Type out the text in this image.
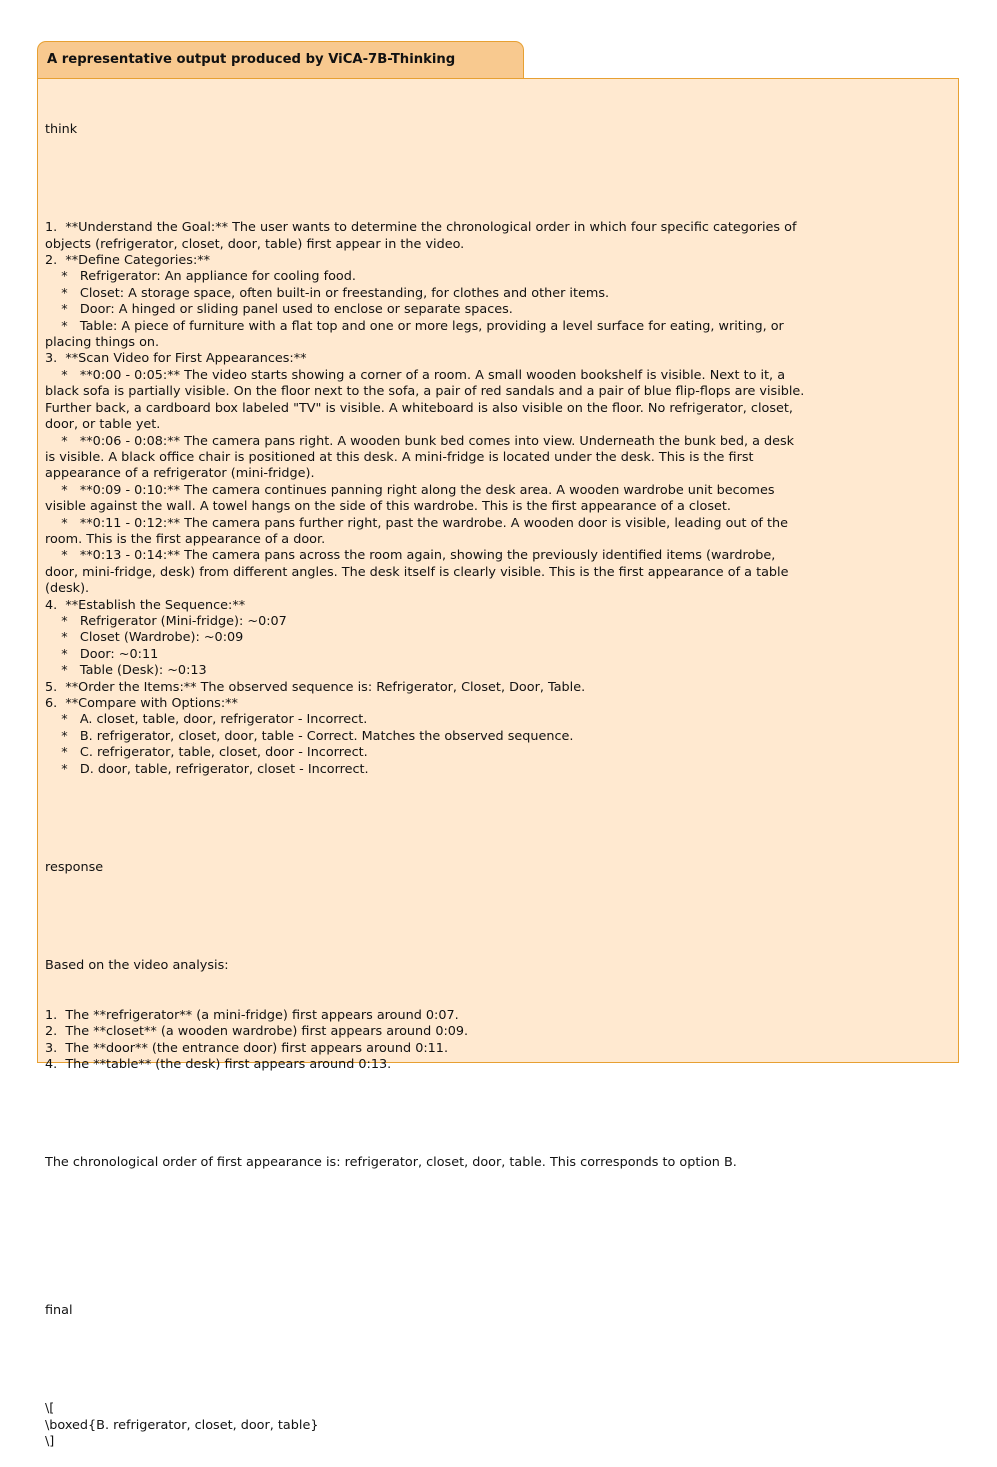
A representative output produced by ViCA-7B-Thinking

think

1.  **Understand the Goal:** The user wants to determine the chronological order in which four specific categories of
objects (refrigerator, closet, door, table) first appear in the video.
2.  **Define Categories:**
*   Refrigerator: An appliance for cooling food.
*   Closet: A storage space, often built-in or freestanding, for clothes and other items.
*   Door: A hinged or sliding panel used to enclose or separate spaces.
*   Table: A piece of furniture with a flat top and one or more legs, providing a level surface for eating, writing, or
placing things on.
3.  **Scan Video for First Appearances:**
*   **0:00 - 0:05:** The video starts showing a corner of a room. A small wooden bookshelf is visible. Next to it, a
black sofa is partially visible. On the floor next to the sofa, a pair of red sandals and a pair of blue flip-flops are visible.
Further back, a cardboard box labeled "TV" is visible. A whiteboard is also visible on the floor. No refrigerator, closet,
door, or table yet.
*   **0:06 - 0:08:** The camera pans right. A wooden bunk bed comes into view. Underneath the bunk bed, a desk
is visible. A black office chair is positioned at this desk. A mini-fridge is located under the desk. This is the first
appearance of a refrigerator (mini-fridge).
*   **0:09 - 0:10:** The camera continues panning right along the desk area. A wooden wardrobe unit becomes
visible against the wall. A towel hangs on the side of this wardrobe. This is the first appearance of a closet.
*   **0:11 - 0:12:** The camera pans further right, past the wardrobe. A wooden door is visible, leading out of the
room. This is the first appearance of a door.
*   **0:13 - 0:14:** The camera pans across the room again, showing the previously identified items (wardrobe,
door, mini-fridge, desk) from different angles. The desk itself is clearly visible. This is the first appearance of a table
(desk).
4.  **Establish the Sequence:**
*   Refrigerator (Mini-fridge): ~0:07
*   Closet (Wardrobe): ~0:09
*   Door: ~0:11
*   Table (Desk): ~0:13
5.  **Order the Items:** The observed sequence is: Refrigerator, Closet, Door, Table.
6.  **Compare with Options:**
*   A. closet, table, door, refrigerator - Incorrect.
*   B. refrigerator, closet, door, table - Correct. Matches the observed sequence.
*   C. refrigerator, table, closet, door - Incorrect.
*   D. door, table, refrigerator, closet - Incorrect.

response

Based on the video analysis:

1.  The **refrigerator** (a mini-fridge) first appears around 0:07.
2.  The **closet** (a wooden wardrobe) first appears around 0:09.
3.  The **door** (the entrance door) first appears around 0:11.
4.  The **table** (the desk) first appears around 0:13.

The chronological order of first appearance is: refrigerator, closet, door, table. This corresponds to option B.

final

\[
\boxed{B. refrigerator, closet, door, table}
\]
